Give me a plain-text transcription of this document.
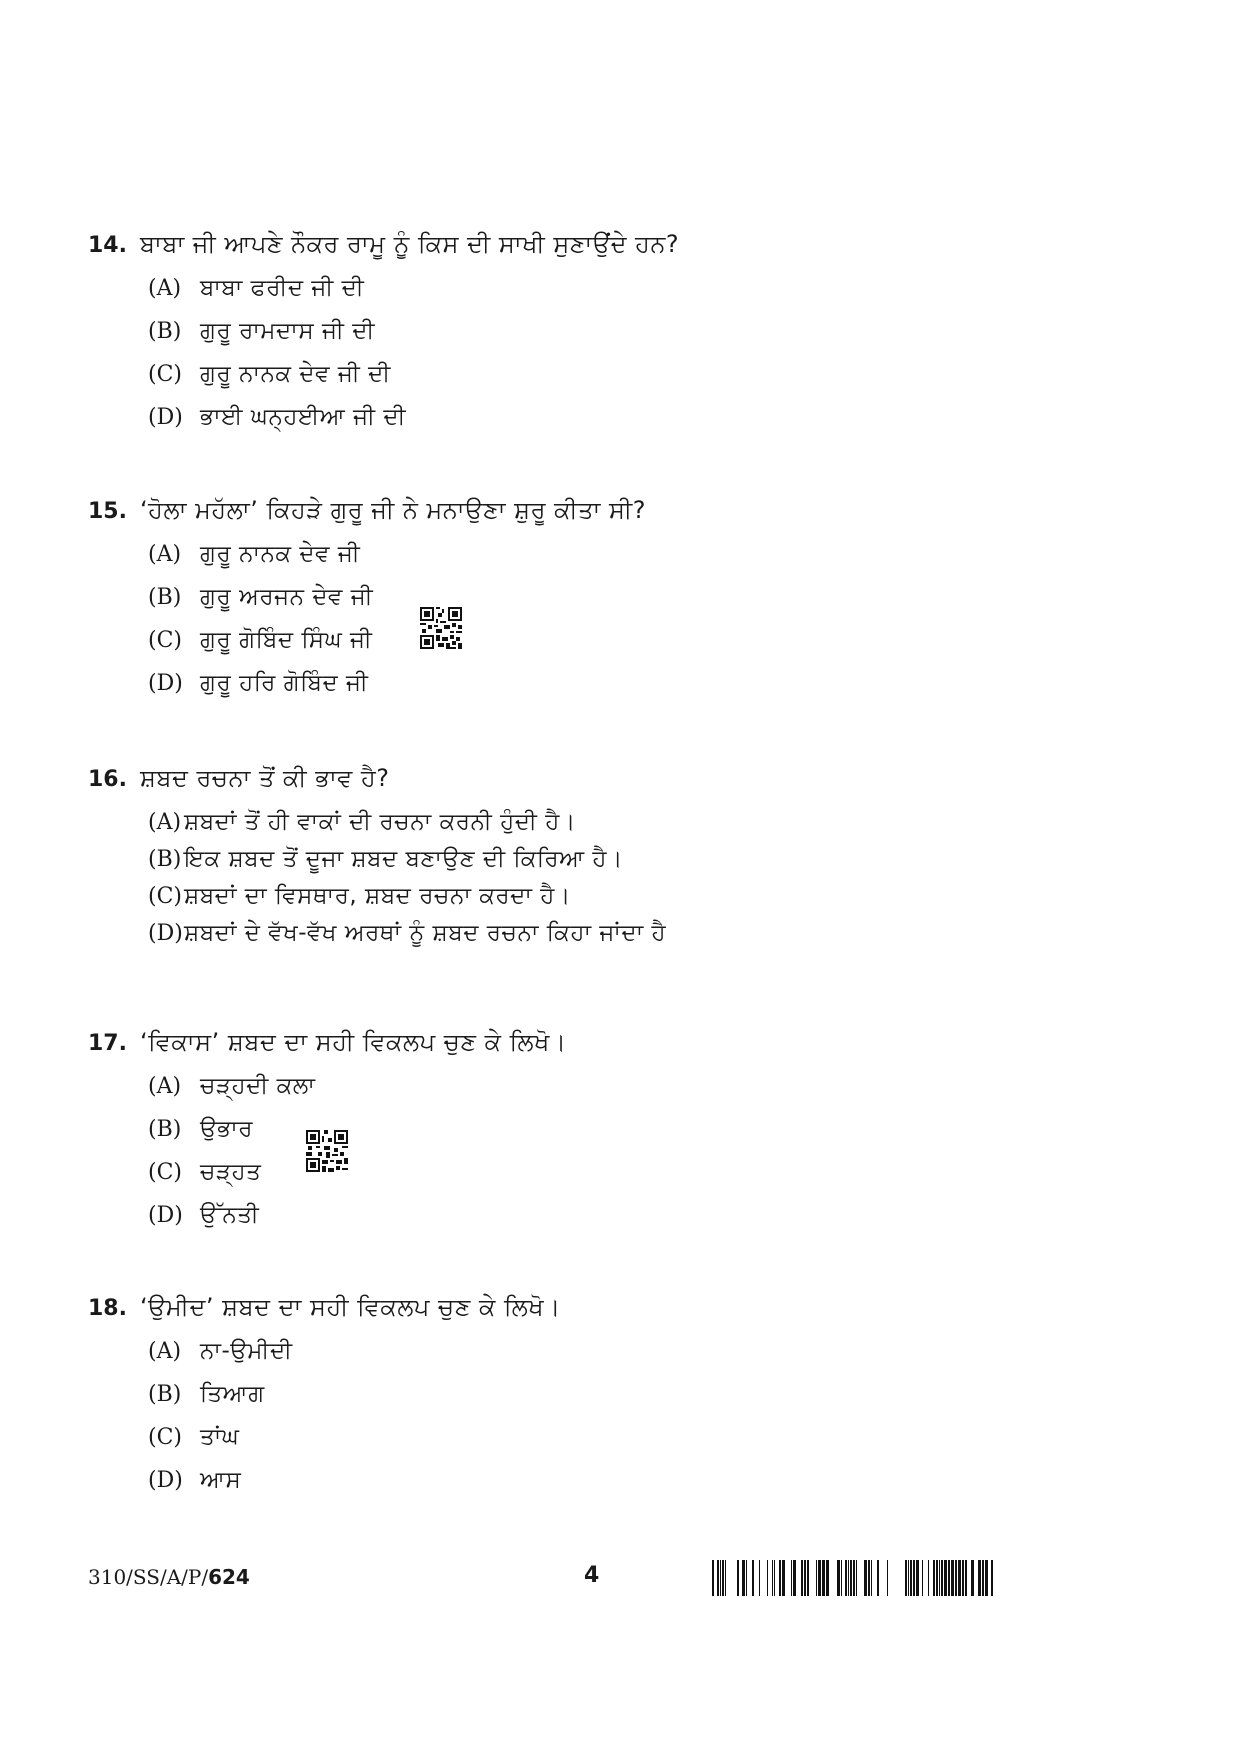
14. ਬਾਬਾ ਜੀ ਆਪਣੇ ਨੌਕਰ ਰਾਮੂ ਨੂੰ ਕਿਸ ਦੀ ਸਾਖੀ ਸੁਣਾਉਂਦੇ ਹਨ?
(A) ਬਾਬਾ ਫਰੀਦ ਜੀ ਦੀ
(B) ਗੁਰੂ ਰਾਮਦਾਸ ਜੀ ਦੀ
(C) ਗੁਰੂ ਨਾਨਕ ਦੇਵ ਜੀ ਦੀ
(D) ਭਾਈ ਘਨ੍ਹਈਆ ਜੀ ਦੀ
15. ‘ਹੋਲਾ ਮਹੱਲਾ’ ਕਿਹੜੇ ਗੁਰੂ ਜੀ ਨੇ ਮਨਾਉਣਾ ਸ਼ੁਰੂ ਕੀਤਾ ਸੀ?
(A) ਗੁਰੂ ਨਾਨਕ ਦੇਵ ਜੀ
(B) ਗੁਰੂ ਅਰਜਨ ਦੇਵ ਜੀ
(C) ਗੁਰੂ ਗੋਬਿੰਦ ਸਿੰਘ ਜੀ
(D) ਗੁਰੂ ਹਰਿ ਗੋਬਿੰਦ ਜੀ
16. ਸ਼ਬਦ ਰਚਨਾ ਤੋਂ ਕੀ ਭਾਵ ਹੈ?
(A) ਸ਼ਬਦਾਂ ਤੋਂ ਹੀ ਵਾਕਾਂ ਦੀ ਰਚਨਾ ਕਰਨੀ ਹੁੰਦੀ ਹੈ।
(B) ਇਕ ਸ਼ਬਦ ਤੋਂ ਦੂਜਾ ਸ਼ਬਦ ਬਣਾਉਣ ਦੀ ਕਿਰਿਆ ਹੈ।
(C) ਸ਼ਬਦਾਂ ਦਾ ਵਿਸਥਾਰ, ਸ਼ਬਦ ਰਚਨਾ ਕਰਦਾ ਹੈ।
(D) ਸ਼ਬਦਾਂ ਦੇ ਵੱਖ-ਵੱਖ ਅਰਥਾਂ ਨੂੰ ਸ਼ਬਦ ਰਚਨਾ ਕਿਹਾ ਜਾਂਦਾ ਹੈ
17. ‘ਵਿਕਾਸ’ ਸ਼ਬਦ ਦਾ ਸਹੀ ਵਿਕਲਪ ਚੁਣ ਕੇ ਲਿਖੋ।
(A) ਚੜ੍ਹਦੀ ਕਲਾ
(B) ਉਭਾਰ
(C) ਚੜ੍ਹਤ
(D) ਉੱਨਤੀ
18. ‘ਉਮੀਦ’ ਸ਼ਬਦ ਦਾ ਸਹੀ ਵਿਕਲਪ ਚੁਣ ਕੇ ਲਿਖੋ।
(A) ਨਾ-ਉਮੀਦੀ
(B) ਤਿਆਗ
(C) ਤਾਂਘ
(D) ਆਸ
310/SS/A/P/624	4
